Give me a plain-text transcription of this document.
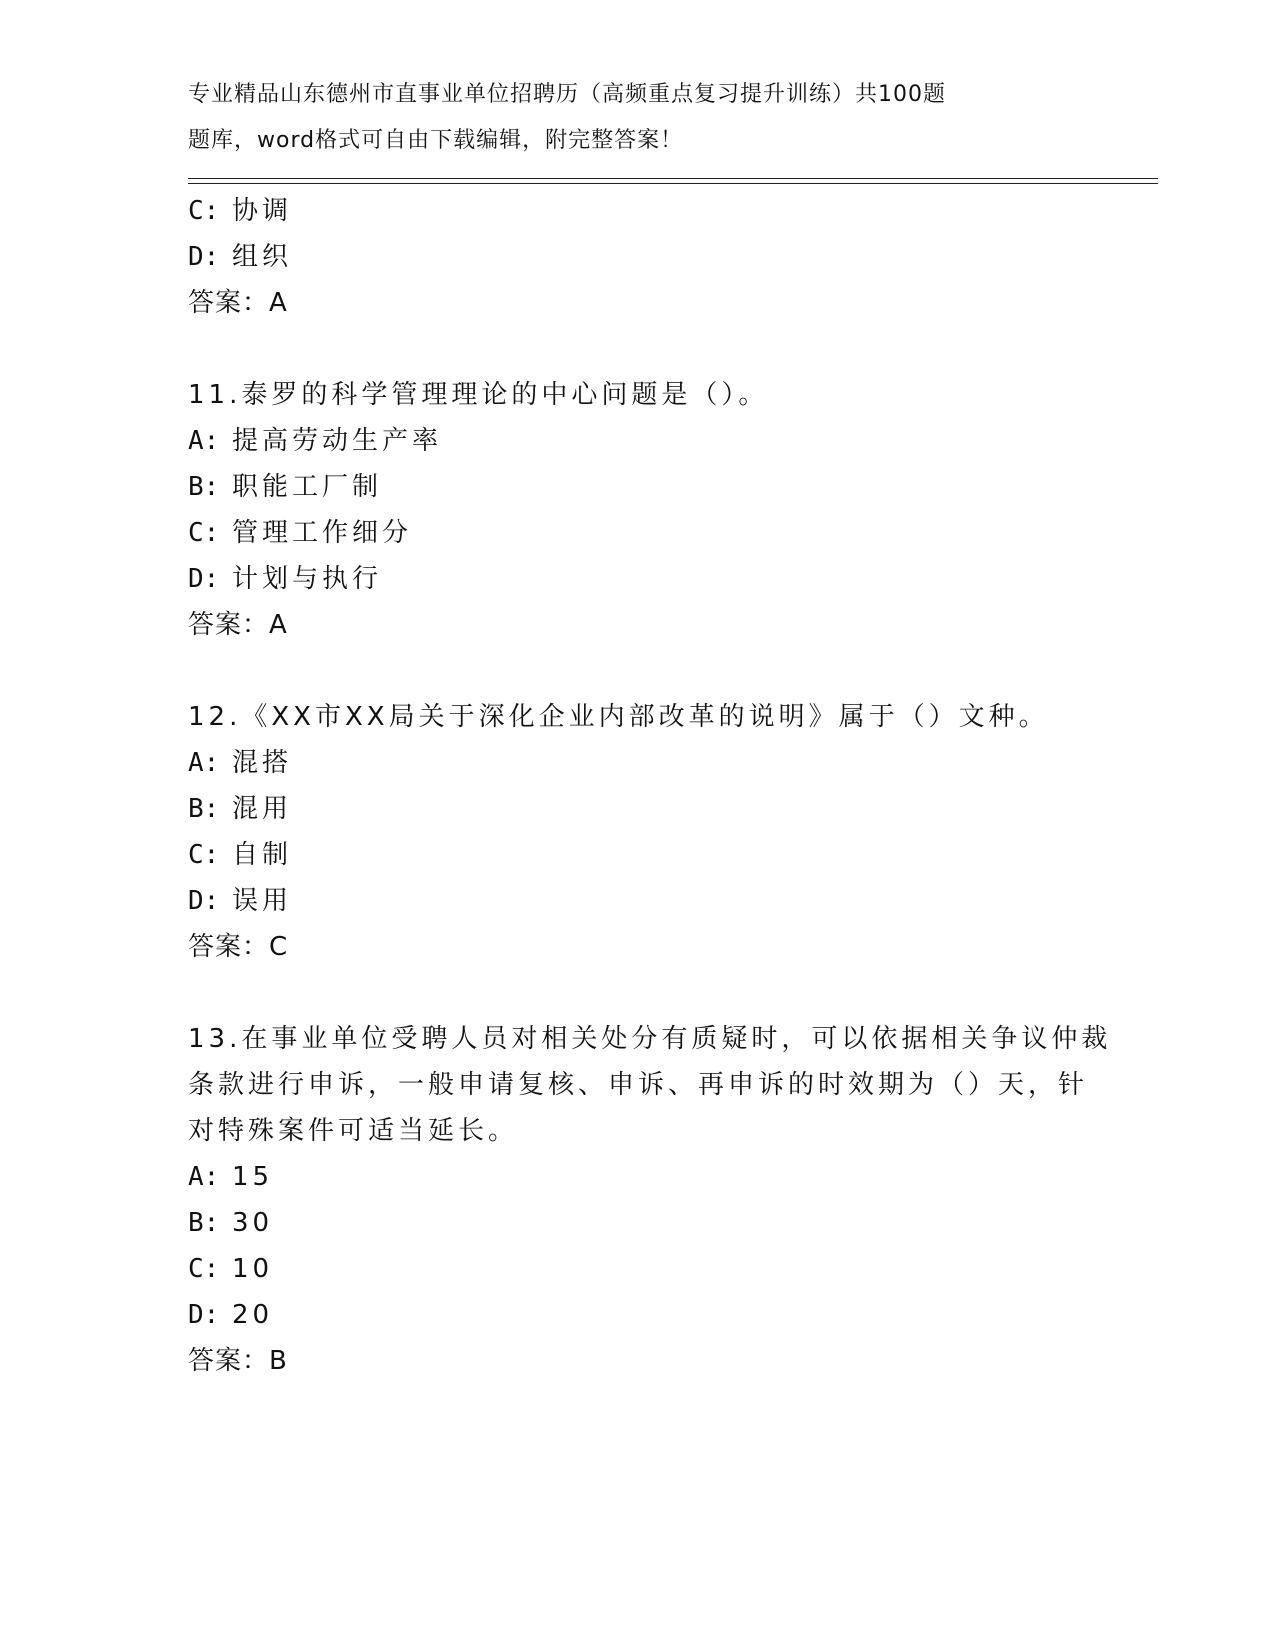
专业精品山东德州市直事业单位招聘历（高频重点复习提升训练）共100题
题库，word格式可自由下载编辑，附完整答案！
C: 协调
D: 组织
答案：A
11.泰罗的科学管理理论的中心问题是（）。
A: 提高劳动生产率
B: 职能工厂制
C: 管理工作细分
D: 计划与执行
答案：A
12.《XX市XX局关于深化企业内部改革的说明》属于（）文种。
A: 混搭
B: 混用
C: 自制
D: 误用
答案：C
13.在事业单位受聘人员对相关处分有质疑时，可以依据相关争议仲裁
条款进行申诉，一般申请复核、申诉、再申诉的时效期为（）天，针
对特殊案件可适当延长。
A: 15
B: 30
C: 10
D: 20
答案：B
